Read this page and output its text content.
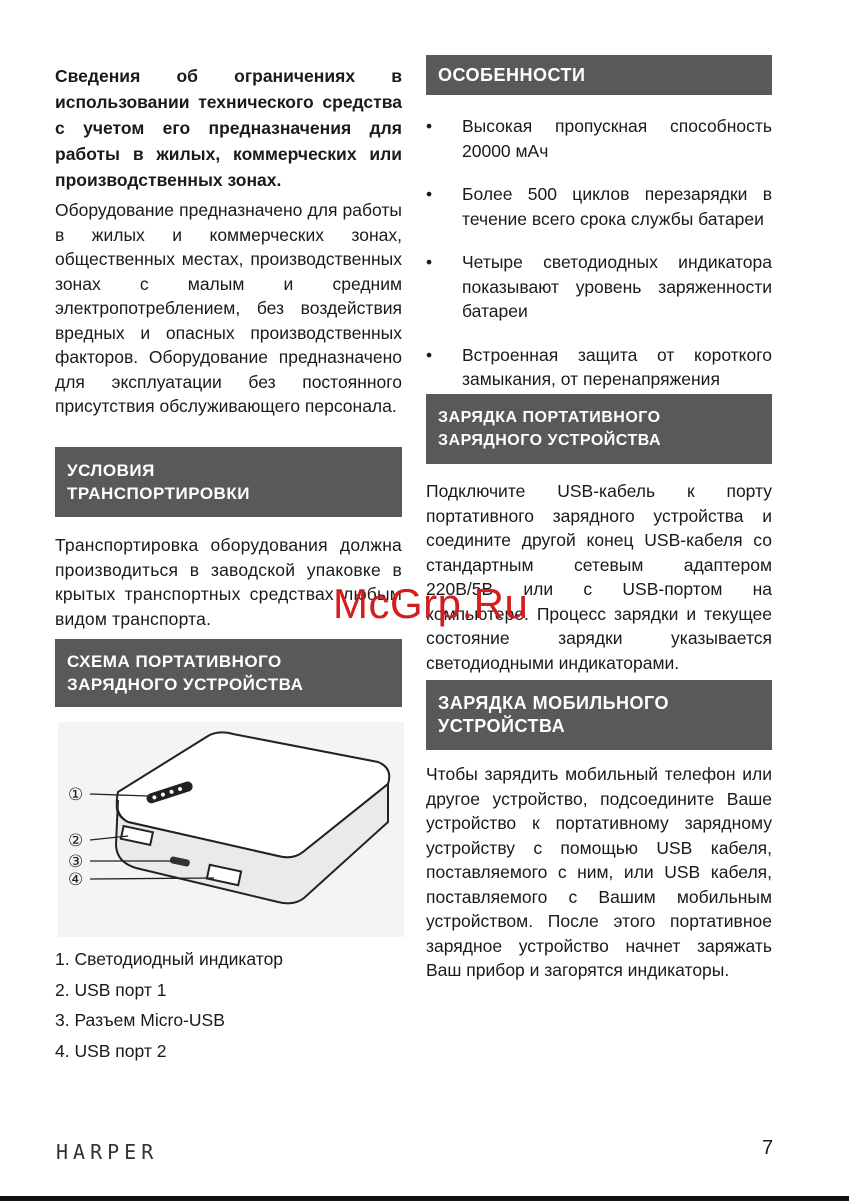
Сведения об ограничениях в использовании технического средства с учетом его предназначения для работы в жилых, коммерческих или производственных зонах.

Оборудование предназначено для работы в жилых и коммерческих зонах, общественных местах, производственных зонах с малым и средним электропотреблением, без воздействия вредных и опасных производственных факторов. Оборудование предназначено для эксплуатации без постоянного присутствия обслуживающего персонала.

УСЛОВИЯ
ТРАНСПОРТИРОВКИ

Транспортировка оборудования должна производиться в заводской упаковке в крытых транспортных средствах любым видом транспорта.

СХЕМА ПОРТАТИВНОГО
ЗАРЯДНОГО УСТРОЙСТВА
1. Светодиодный индикатор
2. USB порт 1
3. Разъем Micro-USB
4. USB порт 2
①
②
③
④
ОСОБЕННОСТИ
• Высокая пропускная способность 20000 мАч
• Более 500 циклов перезарядки в течение всего срока службы батареи
• Четыре светодиодных индикатора показывают уровень заряженности батареи
• Встроенная защита от короткого замыкания, от перенапряжения
ЗАРЯДКА ПОРТАТИВНОГО
ЗАРЯДНОГО УСТРОЙСТВА

Подключите USB-кабель к порту портативного зарядного устройства и соедините другой конец USB-кабеля со стандартным сетевым адаптером 220В/5В или с USB-портом на компьютере. Процесс зарядки и текущее состояние зарядки указывается светодиодными индикаторами.

ЗАРЯДКА МОБИЛЬНОГО
УСТРОЙСТВА

Чтобы зарядить мобильный телефон или другое устройство, подсоедините Ваше устройство к портативному зарядному устройству с помощью USB кабеля, поставляемого с ним, или USB кабеля, поставляемого с Вашим мобильным устройством. После этого портативное зарядное устройство начнет заряжать Ваш прибор и загорятся индикаторы.

McGrp.Ru
HARPER	7
